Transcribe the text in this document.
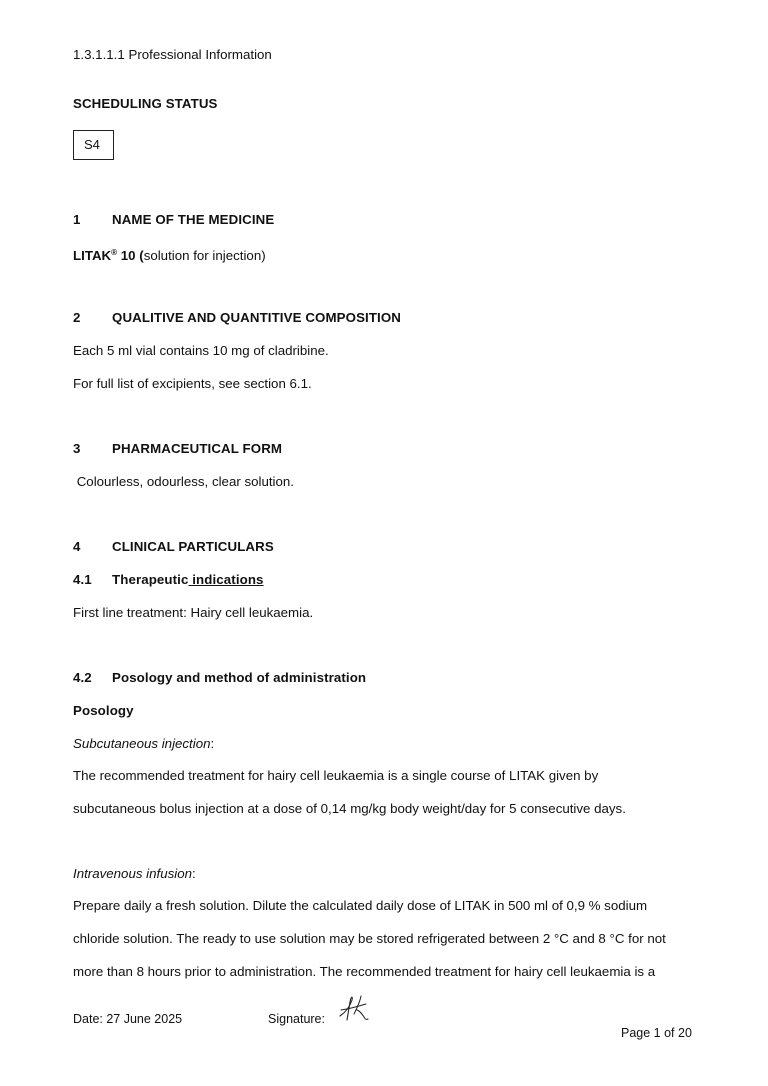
1.3.1.1.1 Professional Information
SCHEDULING STATUS
S4
1 NAME OF THE MEDICINE
LITAK® 10 (solution for injection)
2 QUALITIVE AND QUANTITIVE COMPOSITION
Each 5 ml vial contains 10 mg of cladribine.
For full list of excipients, see section 6.1.
3 PHARMACEUTICAL FORM
Colourless, odourless, clear solution.
4 CLINICAL PARTICULARS
4.1 Therapeutic indications
First line treatment: Hairy cell leukaemia.
4.2 Posology and method of administration
Posology
Subcutaneous injection:
The recommended treatment for hairy cell leukaemia is a single course of LITAK given by
subcutaneous bolus injection at a dose of 0,14 mg/kg body weight/day for 5 consecutive days.
Intravenous infusion:
Prepare daily a fresh solution. Dilute the calculated daily dose of LITAK in 500 ml of 0,9 % sodium
chloride solution. The ready to use solution may be stored refrigerated between 2 °C and 8 °C for not
more than 8 hours prior to administration. The recommended treatment for hairy cell leukaemia is a
Date: 27 June 2025	Signature:
Page 1 of 20
